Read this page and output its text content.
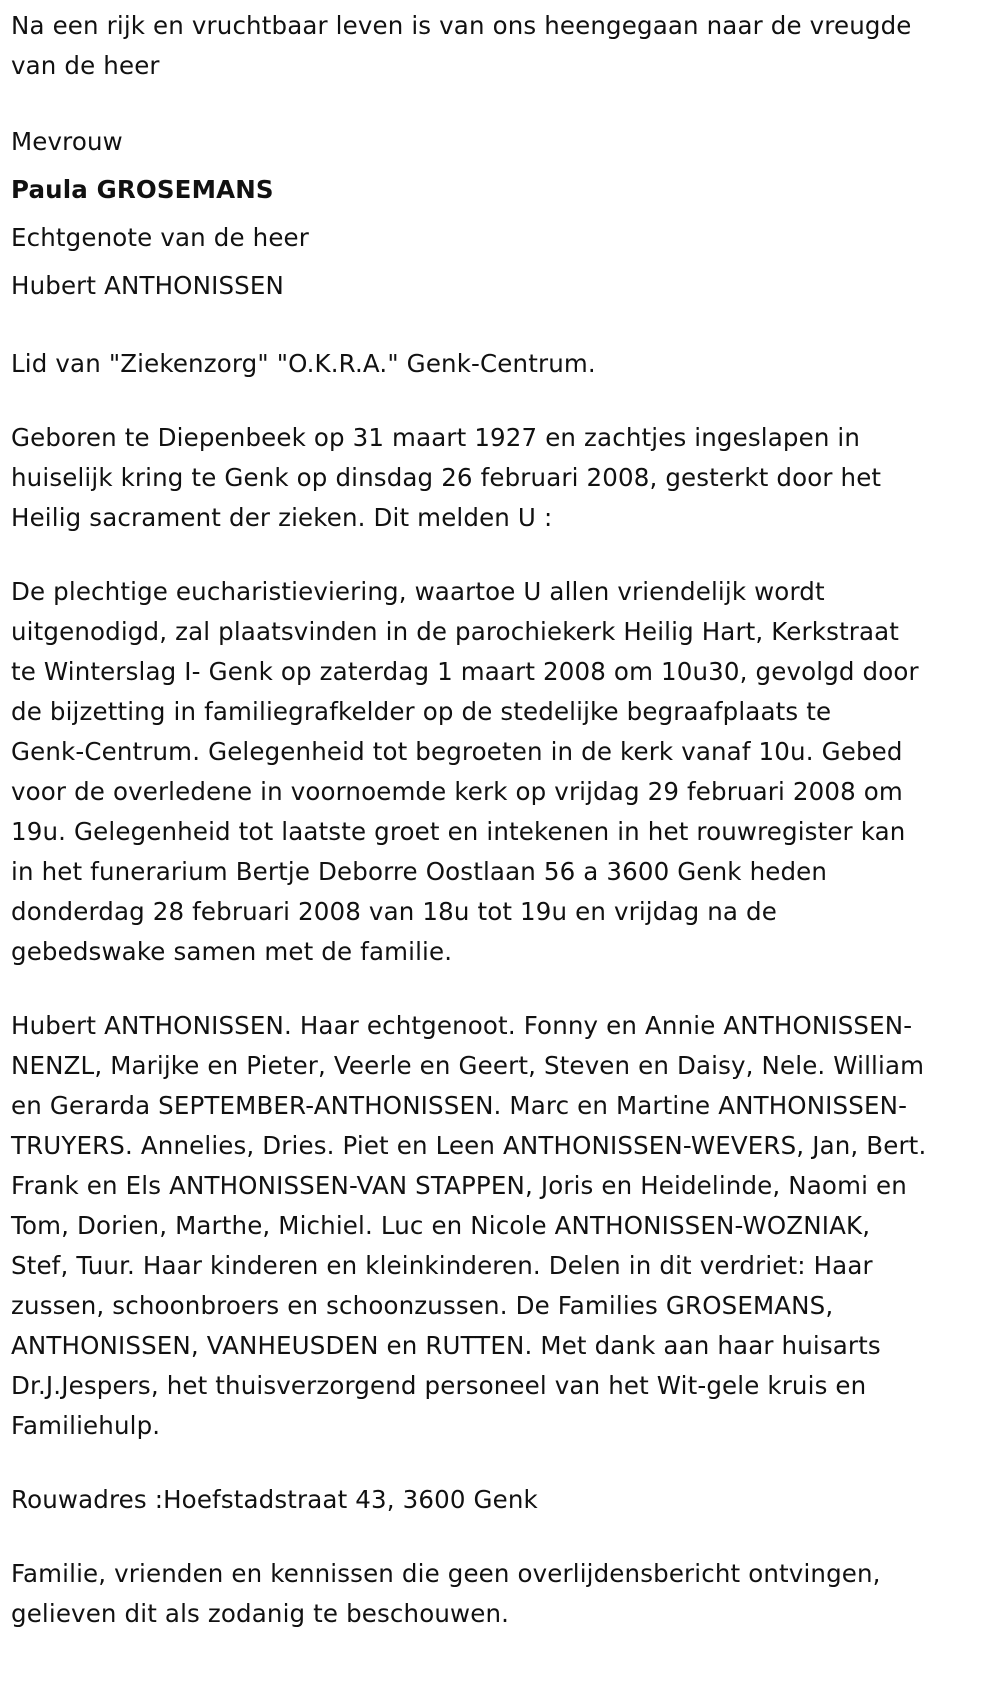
Na een rijk en vruchtbaar leven is van ons heengegaan naar de vreugde
van de heer
Mevrouw
Paula GROSEMANS
Echtgenote van de heer
Hubert ANTHONISSEN
Lid van "Ziekenzorg" "O.K.R.A." Genk-Centrum.
Geboren te Diepenbeek op 31 maart 1927 en zachtjes ingeslapen in
huiselijk kring te Genk op dinsdag 26 februari 2008, gesterkt door het
Heilig sacrament der zieken. Dit melden U :
De plechtige eucharistieviering, waartoe U allen vriendelijk wordt
uitgenodigd, zal plaatsvinden in de parochiekerk Heilig Hart, Kerkstraat
te Winterslag I- Genk op zaterdag 1 maart 2008 om 10u30, gevolgd door
de bijzetting in familiegrafkelder op de stedelijke begraafplaats te
Genk-Centrum. Gelegenheid tot begroeten in de kerk vanaf 10u. Gebed
voor de overledene in voornoemde kerk op vrijdag 29 februari 2008 om
19u. Gelegenheid tot laatste groet en intekenen in het rouwregister kan
in het funerarium Bertje Deborre Oostlaan 56 a 3600 Genk heden
donderdag 28 februari 2008 van 18u tot 19u en vrijdag na de
gebedswake samen met de familie.
Hubert ANTHONISSEN. Haar echtgenoot. Fonny en Annie ANTHONISSEN-
NENZL, Marijke en Pieter, Veerle en Geert, Steven en Daisy, Nele. William
en Gerarda SEPTEMBER-ANTHONISSEN. Marc en Martine ANTHONISSEN-
TRUYERS. Annelies, Dries. Piet en Leen ANTHONISSEN-WEVERS, Jan, Bert.
Frank en Els ANTHONISSEN-VAN STAPPEN, Joris en Heidelinde, Naomi en
Tom, Dorien, Marthe, Michiel. Luc en Nicole ANTHONISSEN-WOZNIAK,
Stef, Tuur. Haar kinderen en kleinkinderen. Delen in dit verdriet: Haar
zussen, schoonbroers en schoonzussen. De Families GROSEMANS,
ANTHONISSEN, VANHEUSDEN en RUTTEN. Met dank aan haar huisarts
Dr.J.Jespers, het thuisverzorgend personeel van het Wit-gele kruis en
Familiehulp.
Rouwadres :Hoefstadstraat 43, 3600 Genk
Familie, vrienden en kennissen die geen overlijdensbericht ontvingen,
gelieven dit als zodanig te beschouwen.
